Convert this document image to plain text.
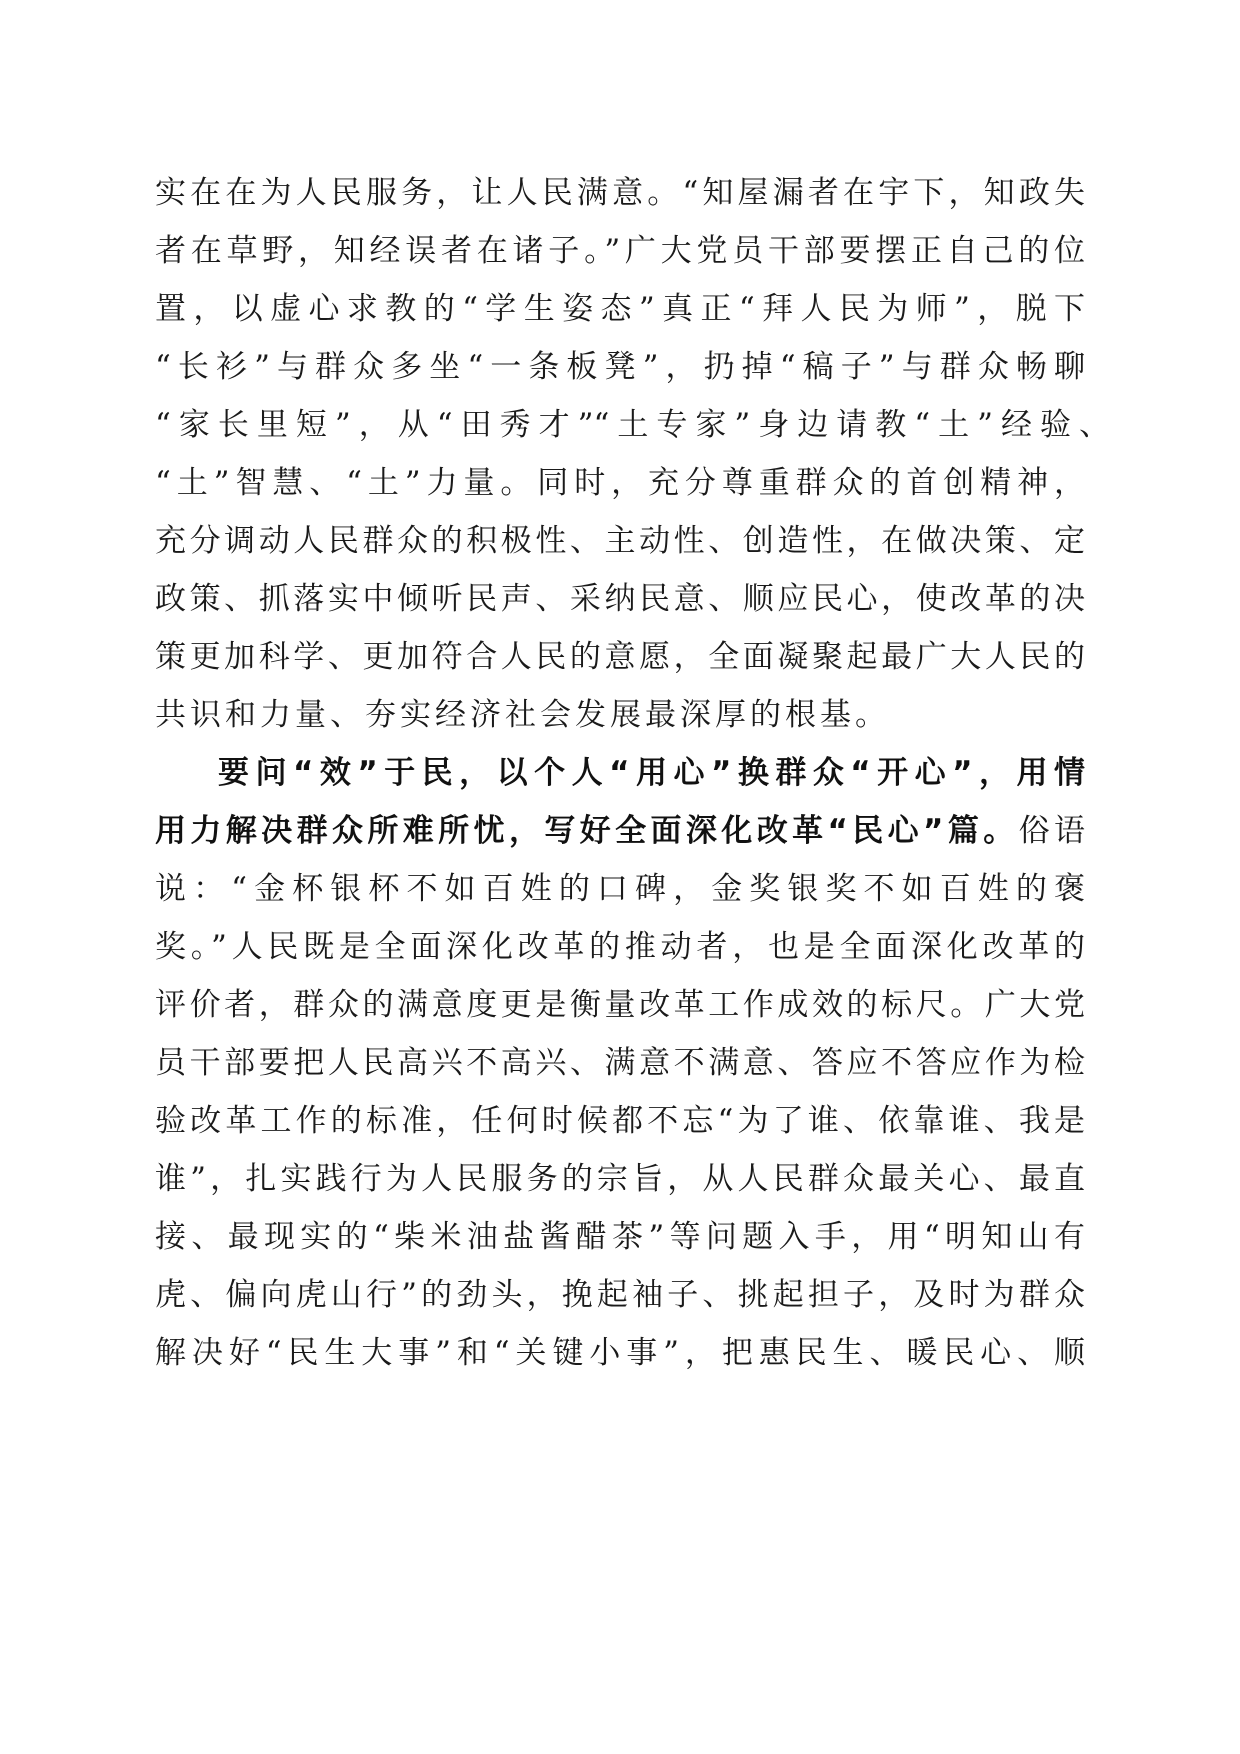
实在在为人民服务，让人民满意。“知屋漏者在宇下，知政失
者在草野，知经误者在诸子。”广大党员干部要摆正自己的位
置，以虚心求教的“学生姿态”真正“拜人民为师”，脱下
“长衫”与群众多坐“一条板凳”，扔掉“稿子”与群众畅聊
“家长里短”，从“田秀才”“土专家”身边请教“土”经验、
“土”智慧、“土”力量。同时，充分尊重群众的首创精神，
充分调动人民群众的积极性、主动性、创造性，在做决策、定
政策、抓落实中倾听民声、采纳民意、顺应民心，使改革的决
策更加科学、更加符合人民的意愿，全面凝聚起最广大人民的
共识和力量、夯实经济社会发展最深厚的根基。
要问“效”于民，以个人“用心”换群众“开心”，用情
用力解决群众所难所忧，写好全面深化改革“民心”篇。俗语
说：“金杯银杯不如百姓的口碑，金奖银奖不如百姓的褒
奖。”人民既是全面深化改革的推动者，也是全面深化改革的
评价者，群众的满意度更是衡量改革工作成效的标尺。广大党
员干部要把人民高兴不高兴、满意不满意、答应不答应作为检
验改革工作的标准，任何时候都不忘“为了谁、依靠谁、我是
谁”，扎实践行为人民服务的宗旨，从人民群众最关心、最直
接、最现实的“柴米油盐酱醋茶”等问题入手，用“明知山有
虎、偏向虎山行”的劲头，挽起袖子、挑起担子，及时为群众
解决好“民生大事”和“关键小事”，把惠民生、暖民心、顺
